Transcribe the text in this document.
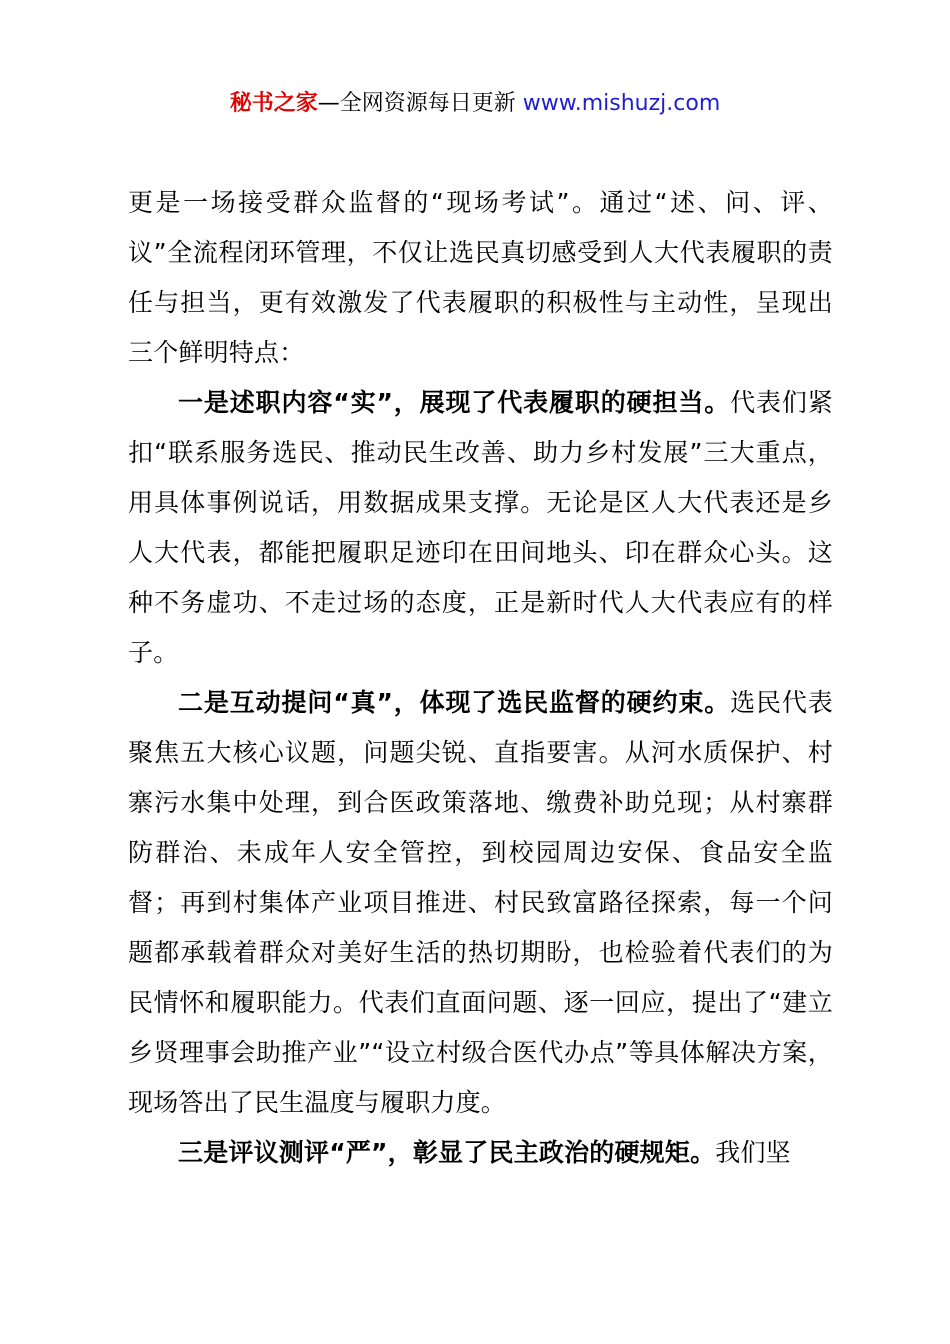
秘书之家—全网资源每日更新 www.mishuzj.com

更是一场接受群众监督的“现场考试”。通过“述、问、评、议”全流程闭环管理，不仅让选民真切感受到人大代表履职的责任与担当，更有效激发了代表履职的积极性与主动性，呈现出三个鲜明特点：

一是述职内容“实”，展现了代表履职的硬担当。代表们紧扣“联系服务选民、推动民生改善、助力乡村发展”三大重点，用具体事例说话，用数据成果支撑。无论是区人大代表还是乡人大代表，都能把履职足迹印在田间地头、印在群众心头。这种不务虚功、不走过场的态度，正是新时代人大代表应有的样子。

二是互动提问“真”，体现了选民监督的硬约束。选民代表聚焦五大核心议题，问题尖锐、直指要害。从河水质保护、村寨污水集中处理，到合医政策落地、缴费补助兑现；从村寨群防群治、未成年人安全管控，到校园周边安保、食品安全监督；再到村集体产业项目推进、村民致富路径探索，每一个问题都承载着群众对美好生活的热切期盼，也检验着代表们的为民情怀和履职能力。代表们直面问题、逐一回应，提出了“建立乡贤理事会助推产业”“设立村级合医代办点”等具体解决方案，现场答出了民生温度与履职力度。

三是评议测评“严”，彰显了民主政治的硬规矩。我们坚
